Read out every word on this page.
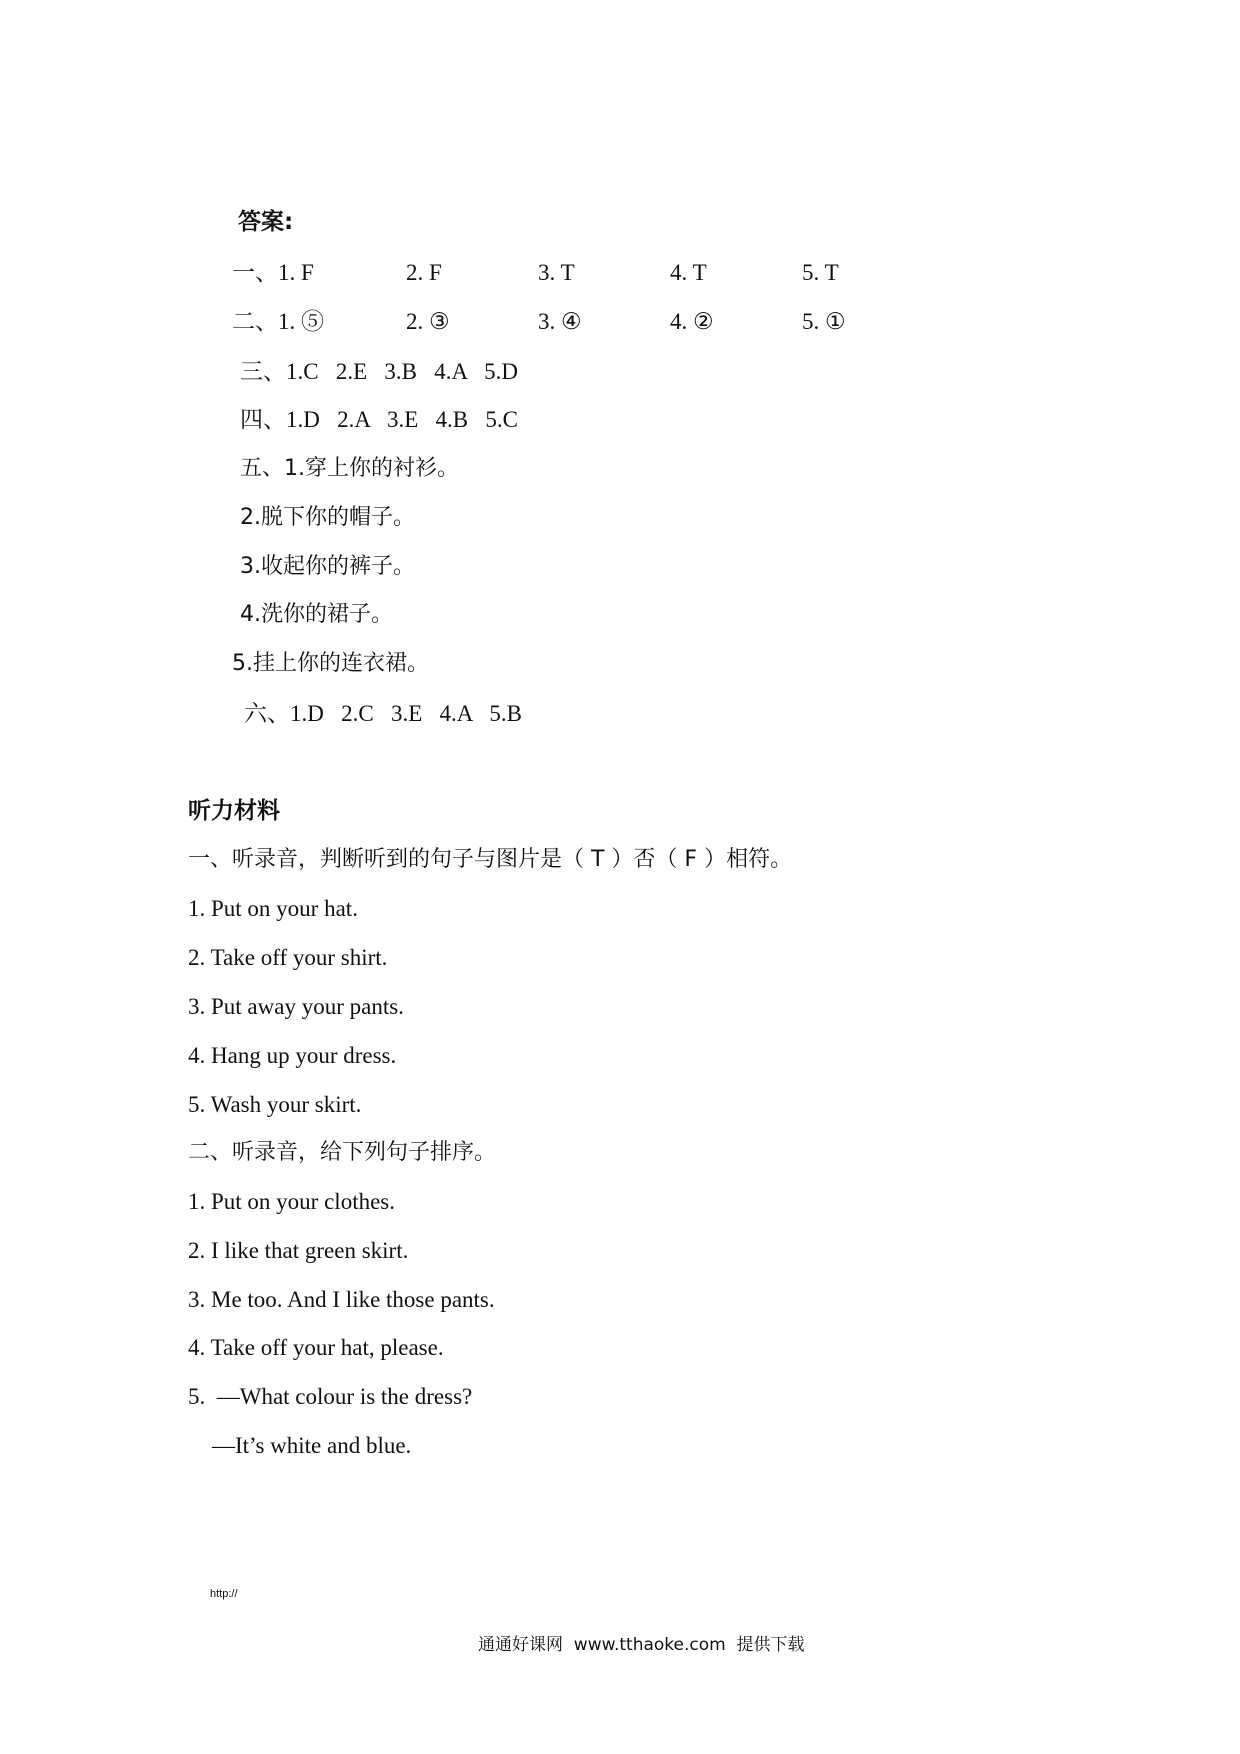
答案:
一、1. F	2. F	3. T	4. T	5. T
二、1. ⑤	2. ③	3. ④	4. ②	5. ①
三、1.C   2.E   3.B   4.A   5.D
四、1.D   2.A   3.E   4.B   5.C
五、1.穿上你的衬衫。
2.脱下你的帽子。
3.收起你的裤子。
4.洗你的裙子。
5.挂上你的连衣裙。
六、1.D   2.C   3.E   4.A   5.B
听力材料
一、听录音，判断听到的句子与图片是（ T ）否（ F ）相符。
1. Put on your hat.
2. Take off your shirt.
3. Put away your pants.
4. Hang up your dress.
5. Wash your skirt.
二、听录音，给下列句子排序。
1. Put on your clothes.
2. I like that green skirt.
3. Me too. And I like those pants.
4. Take off your hat, please.
5.  —What colour is the dress?
—It’s white and blue.
http://
通通好课网  www.tthaoke.com  提供下载
